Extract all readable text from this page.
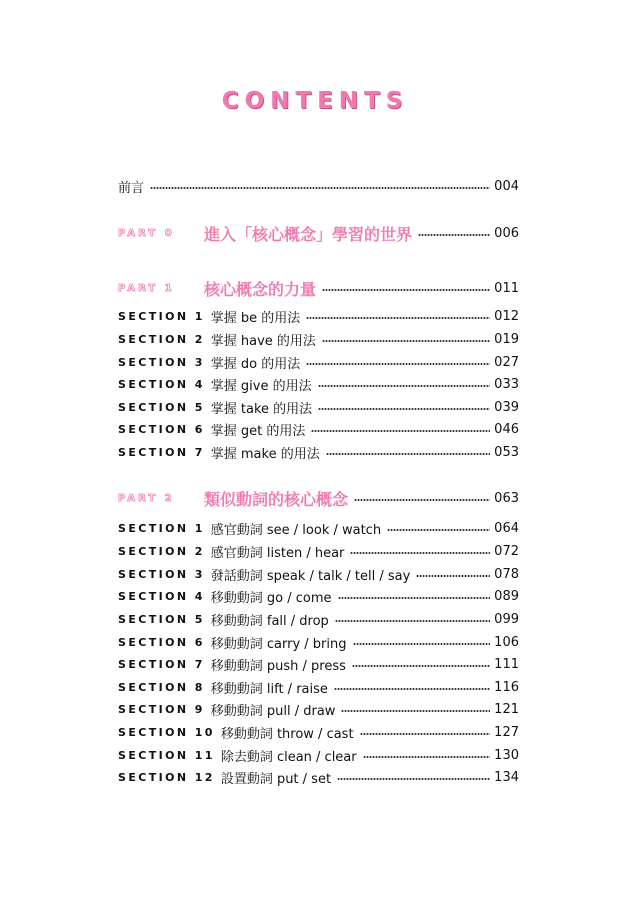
CONTENTS
前言	004
PART 0	進入「核心概念」學習的世界	006
PART 1	核心概念的力量	011
SECTION 1 掌握 be 的用法	012
SECTION 2 掌握 have 的用法	019
SECTION 3 掌握 do 的用法	027
SECTION 4 掌握 give 的用法	033
SECTION 5 掌握 take 的用法	039
SECTION 6 掌握 get 的用法	046
SECTION 7 掌握 make 的用法	053
PART 2	類似動詞的核心概念	063
SECTION 1 感官動詞 see / look / watch	064
SECTION 2 感官動詞 listen / hear	072
SECTION 3 發話動詞 speak / talk / tell / say	078
SECTION 4 移動動詞 go / come	089
SECTION 5 移動動詞 fall / drop	099
SECTION 6 移動動詞 carry / bring	106
SECTION 7 移動動詞 push / press	111
SECTION 8 移動動詞 lift / raise	116
SECTION 9 移動動詞 pull / draw	121
SECTION 10 移動動詞 throw / cast	127
SECTION 11 除去動詞 clean / clear	130
SECTION 12 設置動詞 put / set	134
